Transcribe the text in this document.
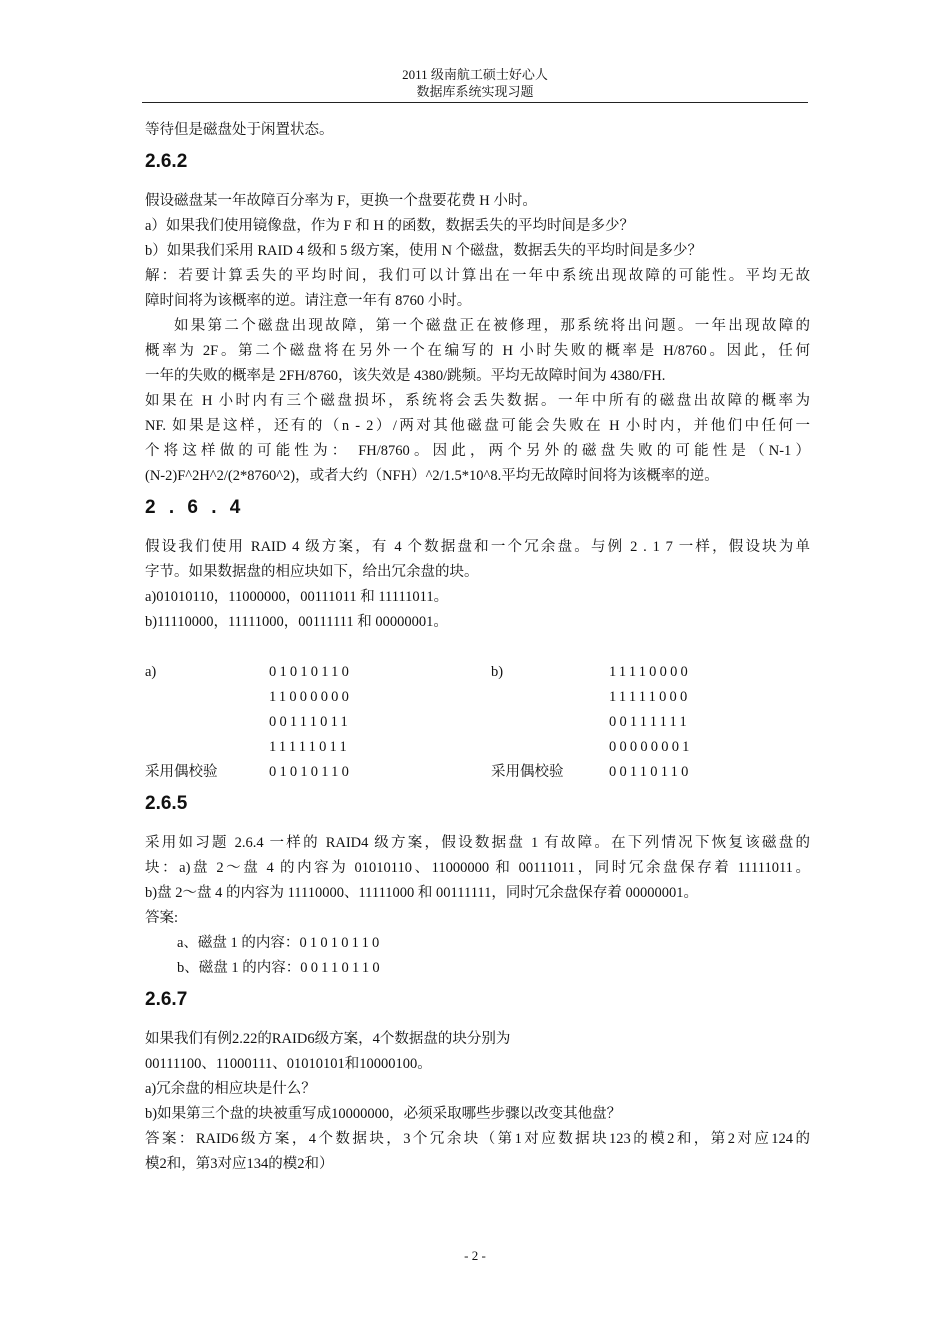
2011 级南航工硕士好心人
数据库系统实现习题

等待但是磁盘处于闲置状态。

2.6.2

假设磁盘某一年故障百分率为 F，更换一个盘要花费 H 小时。

a）如果我们使用镜像盘，作为 F 和 H 的函数，数据丢失的平均时间是多少？

b）如果我们采用 RAID 4 级和 5 级方案，使用 N 个磁盘，数据丢失的平均时间是多少？

解：若要计算丢失的平均时间，我们可以计算出在一年中系统出现故障的可能性。平均无故

障时间将为该概率的逆。请注意一年有 8760 小时。

如果第二个磁盘出现故障，第一个磁盘正在被修理，那系统将出问题。一年出现故障的

概率为 2F。第二个磁盘将在另外一个在编写的 H 小时失败的概率是 H/8760。因此，任何

一年的失败的概率是 2FH/8760，该失效是 4380/跳频。平均无故障时间为 4380/FH.

如果在 H 小时内有三个磁盘损坏，系统将会丢失数据。一年中所有的磁盘出故障的概率为

NF. 如果是这样，还有的（n - 2）/两对其他磁盘可能会失败在 H 小时内，并他们中任何一

个将这样做的可能性为： FH/8760。因此，两个另外的磁盘失败的可能性是（N-1）

(N-2)F^2H^2/(2*8760^2)，或者大约（NFH）^2/1.5*10^8.平均无故障时间将为该概率的逆。

2 . 6 . 4

假设我们使用 RAID 4 级方案，有 4 个数据盘和一个冗余盘。与例 2 . 1 7 一样，假设块为单

字节。如果数据盘的相应块如下，给出冗余盘的块。

a)01010110，11000000，00111011 和 11111011。

b)11110000，11111000，00111111 和 00000001。

a)	01010110	b)	11110000
	11000000		11111000
	00111011		00111111
	11111011		00000001
采用偶校验	01010110	采用偶校验	00110110
2.6.5

采用如习题 2.6.4 一样的 RAID4 级方案，假设数据盘 1 有故障。在下列情况下恢复该磁盘的

块：a)盘 2～盘 4 的内容为 01010110、11000000 和 00111011，同时冗余盘保存着 11111011。

b)盘 2～盘 4 的内容为 11110000、11111000 和 00111111，同时冗余盘保存着 00000001。

答案:

a、磁盘 1 的内容：01010110

b、磁盘 1 的内容：00110110

2.6.7

如果我们有例2.22的RAID6级方案，4个数据盘的块分别为

00111100、11000111、01010101和10000100。

a)冗余盘的相应块是什么？

b)如果第三个盘的块被重写成10000000，必须采取哪些步骤以改变其他盘？

答案：RAID6级方案，4个数据块，3个冗余块（第1对应数据块123的模2和，第2对应124的

模2和，第3对应134的模2和）

- 2 -
